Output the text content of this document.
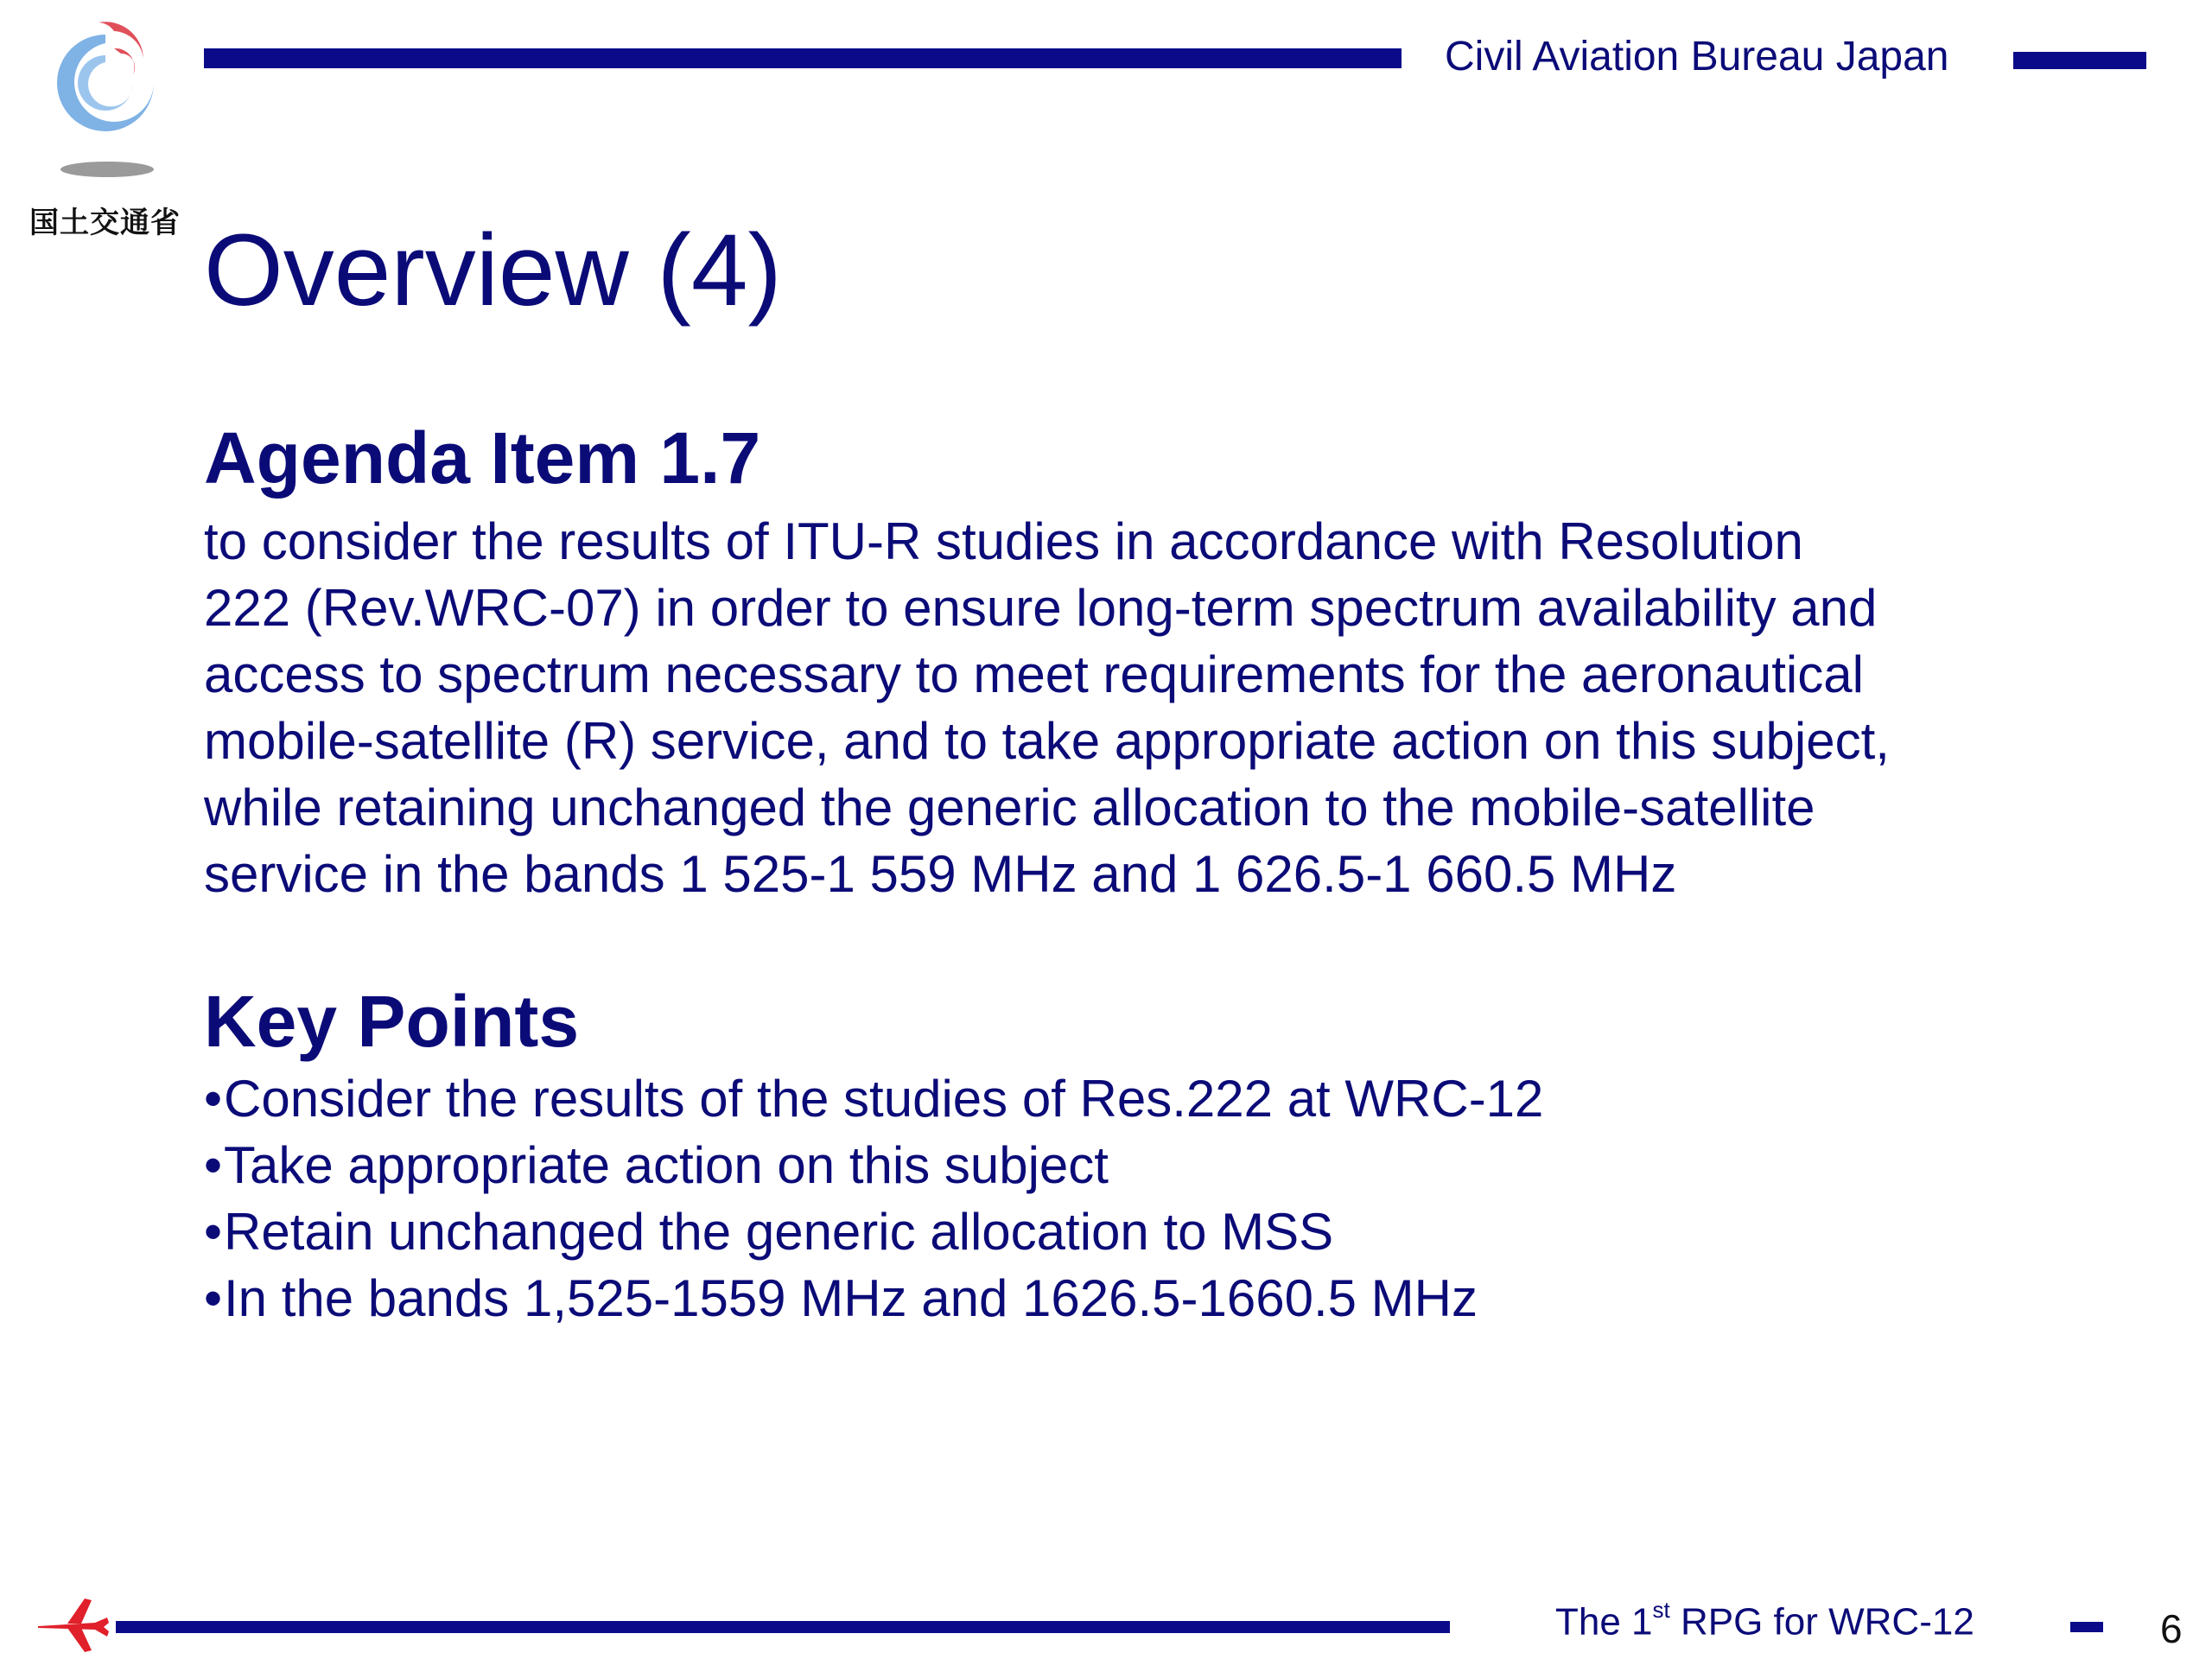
国土交通省
Civil Aviation Bureau Japan
Overview (4)
Agenda Item 1.7
to consider the results of ITU-R studies in accordance with Resolution
222 (Rev.WRC-07) in order to ensure long-term spectrum availability and
access to spectrum necessary to meet requirements for the aeronautical
mobile-satellite (R) service, and to take appropriate action on this subject,
while retaining unchanged the generic allocation to the mobile-satellite
service in the bands 1 525-1 559 MHz and 1 626.5-1 660.5 MHz
Key Points
•Consider the results of the studies of Res.222 at WRC-12
•Take appropriate action on this subject
•Retain unchanged the generic allocation to MSS
•In the bands 1,525-1559 MHz and 1626.5-1660.5 MHz
The 1st RPG for WRC-12	6
